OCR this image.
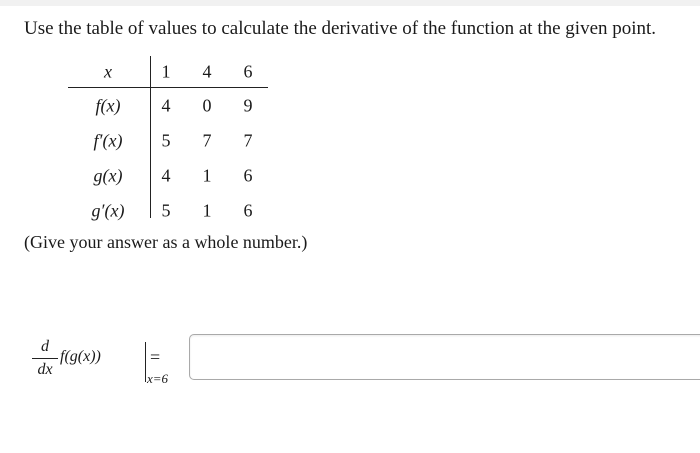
Use the table of values to calculate the derivative of the function at the given point.
x	1 4 6
f(x)	4 0 9
f′(x)	5 7 7
g(x)	4 1 6
g′(x)	5 1 6
(Give your answer as a whole number.)
d
dx
f(g(x))
x=6
=
